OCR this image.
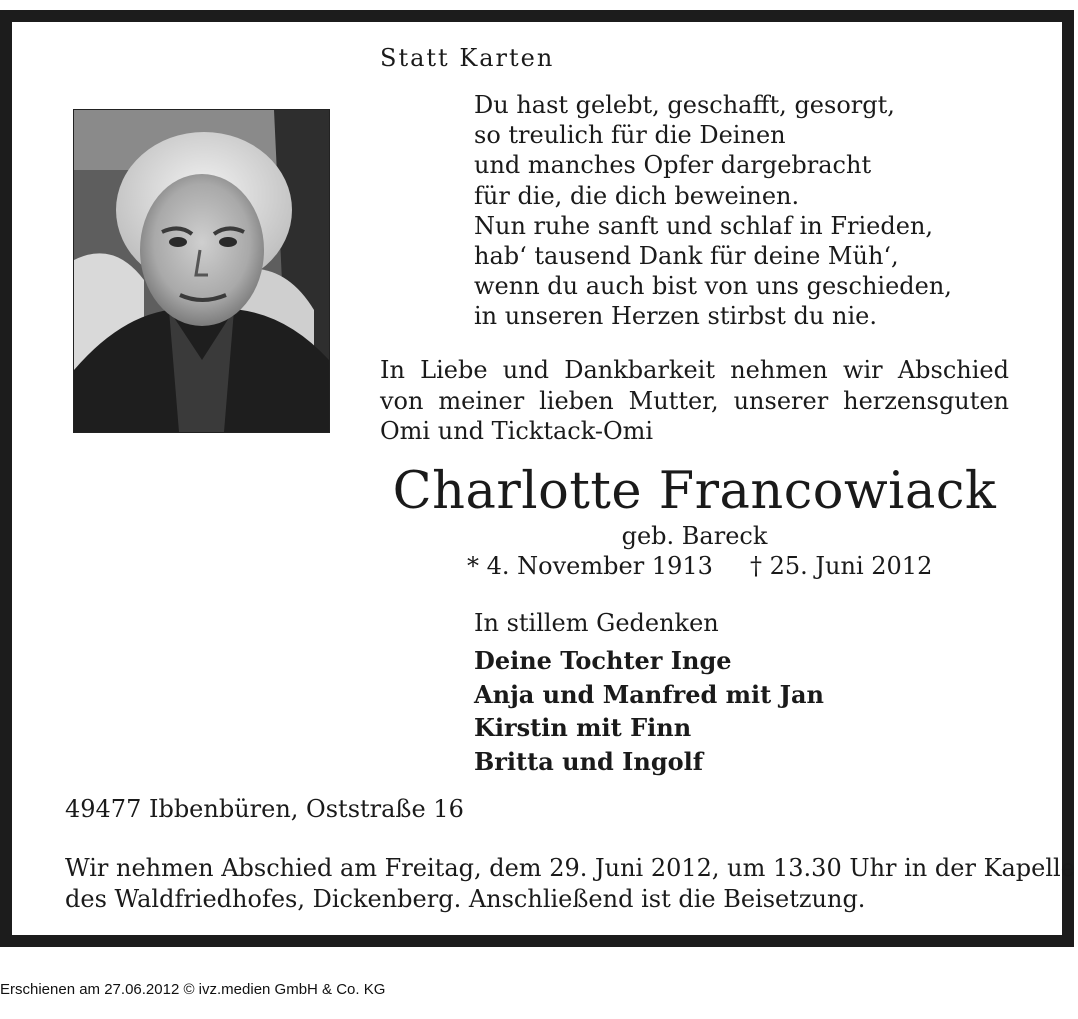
Statt Karten
Du hast gelebt, geschafft, gesorgt,
so treulich für die Deinen
und manches Opfer dargebracht
für die, die dich beweinen.
Nun ruhe sanft und schlaf in Frieden,
hab‘ tausend Dank für deine Müh‘,
wenn du auch bist von uns geschieden,
in unseren Herzen stirbst du nie.
In Liebe und Dankbarkeit nehmen wir Abschied von meiner lieben Mutter, unserer herzensguten Omi und Ticktack-Omi
Charlotte Francowiack
geb. Bareck
* 4. November 1913 † 25. Juni 2012
In stillem Gedenken
Deine Tochter Inge
Anja und Manfred mit Jan
Kirstin mit Finn
Britta und Ingolf
49477 Ibbenbüren, Oststraße 16
Wir nehmen Abschied am Freitag, dem 29. Juni 2012, um 13.30 Uhr in der Kapelle
des Waldfriedhofes, Dickenberg. Anschließend ist die Beisetzung.
Erschienen am 27.06.2012 © ivz.medien GmbH & Co. KG
